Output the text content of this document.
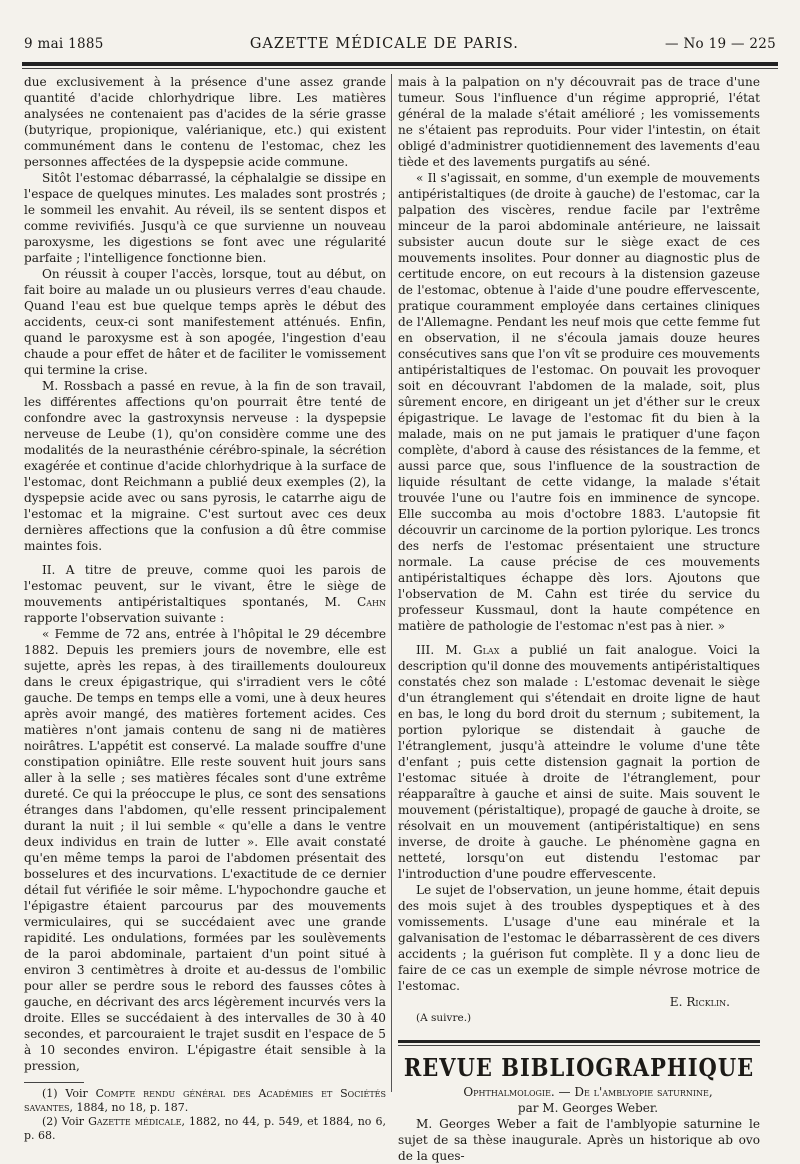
9 mai 1885	GAZETTE MÉDICALE DE PARIS.	— No 19 — 225

due exclusivement à la présence d'une assez grande quantité d'acide chlorhydrique libre. Les matières analysées ne contenaient pas d'acides de la série grasse (butyrique, propionique, valérianique, etc.) qui existent communément dans le contenu de l'estomac, chez les personnes affectées de la dyspepsie acide commune.

Sitôt l'estomac débarrassé, la céphalalgie se dissipe en l'espace de quelques minutes. Les malades sont prostrés ; le sommeil les envahit. Au réveil, ils se sentent dispos et comme revivifiés. Jusqu'à ce que survienne un nouveau paroxysme, les digestions se font avec une régularité parfaite ; l'intelligence fonctionne bien.

On réussit à couper l'accès, lorsque, tout au début, on fait boire au malade un ou plusieurs verres d'eau chaude. Quand l'eau est bue quelque temps après le début des accidents, ceux-ci sont manifestement atténués. Enfin, quand le paroxysme est à son apogée, l'ingestion d'eau chaude a pour effet de hâter et de faciliter le vomissement qui termine la crise.

M. Rossbach a passé en revue, à la fin de son travail, les différentes affections qu'on pourrait être tenté de confondre avec la gastroxynsis nerveuse : la dyspepsie nerveuse de Leube (1), qu'on considère comme une des modalités de la neurasthénie cérébro-spinale, la sécrétion exagérée et continue d'acide chlorhydrique à la surface de l'estomac, dont Reichmann a publié deux exemples (2), la dyspepsie acide avec ou sans pyrosis, le catarrhe aigu de l'estomac et la migraine. C'est surtout avec ces deux dernières affections que la confusion a dû être commise maintes fois.

II. A titre de preuve, comme quoi les parois de l'estomac peuvent, sur le vivant, être le siège de mouvements antipéristaltiques spontanés, M. Cahn rapporte l'observation suivante :

« Femme de 72 ans, entrée à l'hôpital le 29 décembre 1882. Depuis les premiers jours de novembre, elle est sujette, après les repas, à des tiraillements douloureux dans le creux épigastrique, qui s'irradient vers le côté gauche. De temps en temps elle a vomi, une à deux heures après avoir mangé, des matières fortement acides. Ces matières n'ont jamais contenu de sang ni de matières noirâtres. L'appétit est conservé. La malade souffre d'une constipation opiniâtre. Elle reste souvent huit jours sans aller à la selle ; ses matières fécales sont d'une extrême dureté. Ce qui la préoccupe le plus, ce sont des sensations étranges dans l'abdomen, qu'elle ressent principalement durant la nuit ; il lui semble « qu'elle a dans le ventre deux individus en train de lutter ». Elle avait constaté qu'en même temps la paroi de l'abdomen présentait des bosselures et des incurvations. L'exactitude de ce dernier détail fut vérifiée le soir même. L'hypochondre gauche et l'épigastre étaient parcourus par des mouvements vermiculaires, qui se succédaient avec une grande rapidité. Les ondulations, formées par les soulèvements de la paroi abdominale, partaient d'un point situé à environ 3 centimètres à droite et au-dessus de l'ombilic pour aller se perdre sous le rebord des fausses côtes à gauche, en décrivant des arcs légèrement incurvés vers la droite. Elles se succédaient à des intervalles de 30 à 40 secondes, et parcouraient le trajet susdit en l'espace de 5 à 10 secondes environ. L'épigastre était sensible à la pression,

(1) Voir Compte rendu général des Académies et Sociétés savantes, 1884, no 18, p. 187.

(2) Voir Gazette médicale, 1882, no 44, p. 549, et 1884, no 6, p. 68.

mais à la palpation on n'y découvrait pas de trace d'une tumeur. Sous l'influence d'un régime approprié, l'état général de la malade s'était amélioré ; les vomissements ne s'étaient pas reproduits. Pour vider l'intestin, on était obligé d'administrer quotidiennement des lavements d'eau tiède et des lavements purgatifs au séné.

« Il s'agissait, en somme, d'un exemple de mouvements antipéristaltiques (de droite à gauche) de l'estomac, car la palpation des viscères, rendue facile par l'extrême minceur de la paroi abdominale antérieure, ne laissait subsister aucun doute sur le siège exact de ces mouvements insolites. Pour donner au diagnostic plus de certitude encore, on eut recours à la distension gazeuse de l'estomac, obtenue à l'aide d'une poudre effervescente, pratique couramment employée dans certaines cliniques de l'Allemagne. Pendant les neuf mois que cette femme fut en observation, il ne s'écoula jamais douze heures consécutives sans que l'on vît se produire ces mouvements antipéristaltiques de l'estomac. On pouvait les provoquer soit en découvrant l'abdomen de la malade, soit, plus sûrement encore, en dirigeant un jet d'éther sur le creux épigastrique. Le lavage de l'estomac fit du bien à la malade, mais on ne put jamais le pratiquer d'une façon complète, d'abord à cause des résistances de la femme, et aussi parce que, sous l'influence de la soustraction de liquide résultant de cette vidange, la malade s'était trouvée l'une ou l'autre fois en imminence de syncope. Elle succomba au mois d'octobre 1883. L'autopsie fit découvrir un carcinome de la portion pylorique. Les troncs des nerfs de l'estomac présentaient une structure normale. La cause précise de ces mouvements antipéristaltiques échappe dès lors. Ajoutons que l'observation de M. Cahn est tirée du service du professeur Kussmaul, dont la haute compétence en matière de pathologie de l'estomac n'est pas à nier. »

III. M. Glax a publié un fait analogue. Voici la description qu'il donne des mouvements antipéristaltiques constatés chez son malade : L'estomac devenait le siège d'un étranglement qui s'étendait en droite ligne de haut en bas, le long du bord droit du sternum ; subitement, la portion pylorique se distendait à gauche de l'étranglement, jusqu'à atteindre le volume d'une tête d'enfant ; puis cette distension gagnait la portion de l'estomac située à droite de l'étranglement, pour réapparaître à gauche et ainsi de suite. Mais souvent le mouvement (péristaltique), propagé de gauche à droite, se résolvait en un mouvement (antipéristaltique) en sens inverse, de droite à gauche. Le phénomène gagna en netteté, lorsqu'on eut distendu l'estomac par l'introduction d'une poudre effervescente.

Le sujet de l'observation, un jeune homme, était depuis des mois sujet à des troubles dyspeptiques et à des vomissements. L'usage d'une eau minérale et la galvanisation de l'estomac le débarrassèrent de ces divers accidents ; la guérison fut complète. Il y a donc lieu de faire de ce cas un exemple de simple névrose motrice de l'estomac.

E. Ricklin.

(A suivre.)

REVUE BIBLIOGRAPHIQUE

Ophthalmologie. — De l'amblyopie saturnine,

par M. Georges Weber.

M. Georges Weber a fait de l'amblyopie saturnine le sujet de sa thèse inaugurale. Après un historique ab ovo de la ques-
